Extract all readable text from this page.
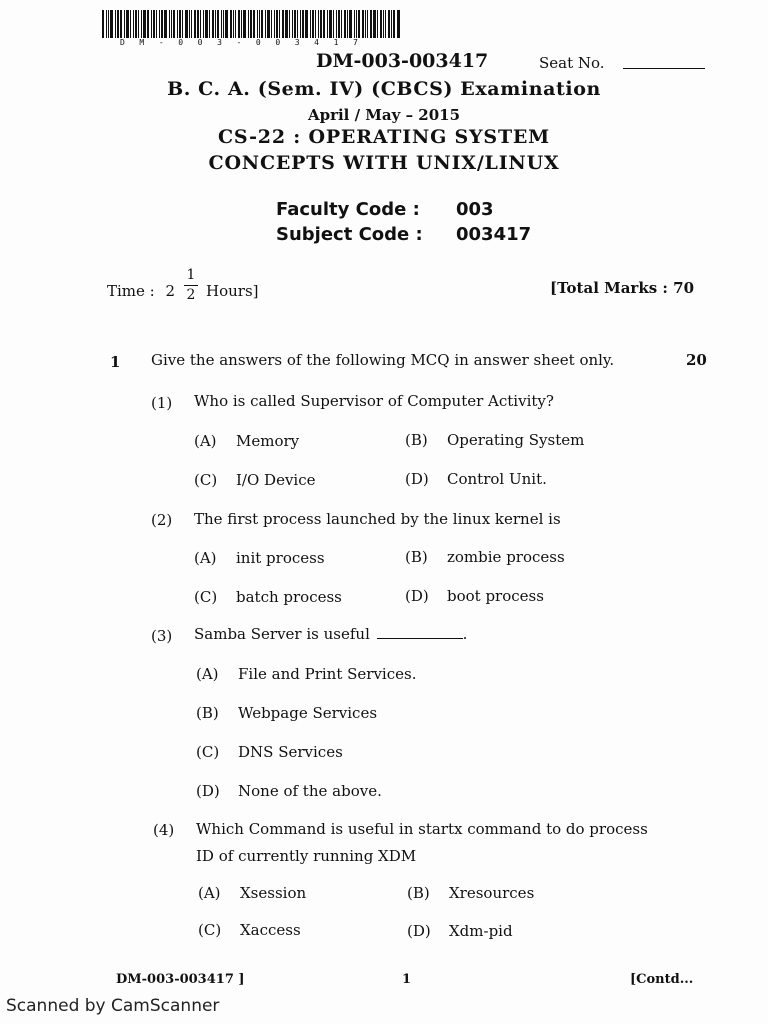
DM-003-003417
DM-003-003417	Seat No.
B. C. A. (Sem. IV) (CBCS) Examination
April / May – 2015
CS-22 : OPERATING SYSTEM
CONCEPTS WITH UNIX/LINUX
Faculty Code : 003
Subject Code : 003417
Time : 2
1
2 Hours]	[Total Marks : 70
1 Give the answers of the following MCQ in answer sheet only.	20
(1) Who is called Supervisor of Computer Activity?
(A) Memory	(B) Operating System
(C) I/O Device	(D) Control Unit.
(2) The first process launched by the linux kernel is
(A) init process	(B) zombie process
(C) batch process	(D) boot process
(3) Samba Server is useful	.
(A) File and Print Services.
(B) Webpage Services
(C) DNS Services
(D) None of the above.
(4) Which Command is useful in startx command to do process
ID of currently running XDM
(A) Xsession	(B) Xresources
(C) Xaccess	(D) Xdm-pid
DM-003-003417 ]	1	[Contd...
Scanned by CamScanner
